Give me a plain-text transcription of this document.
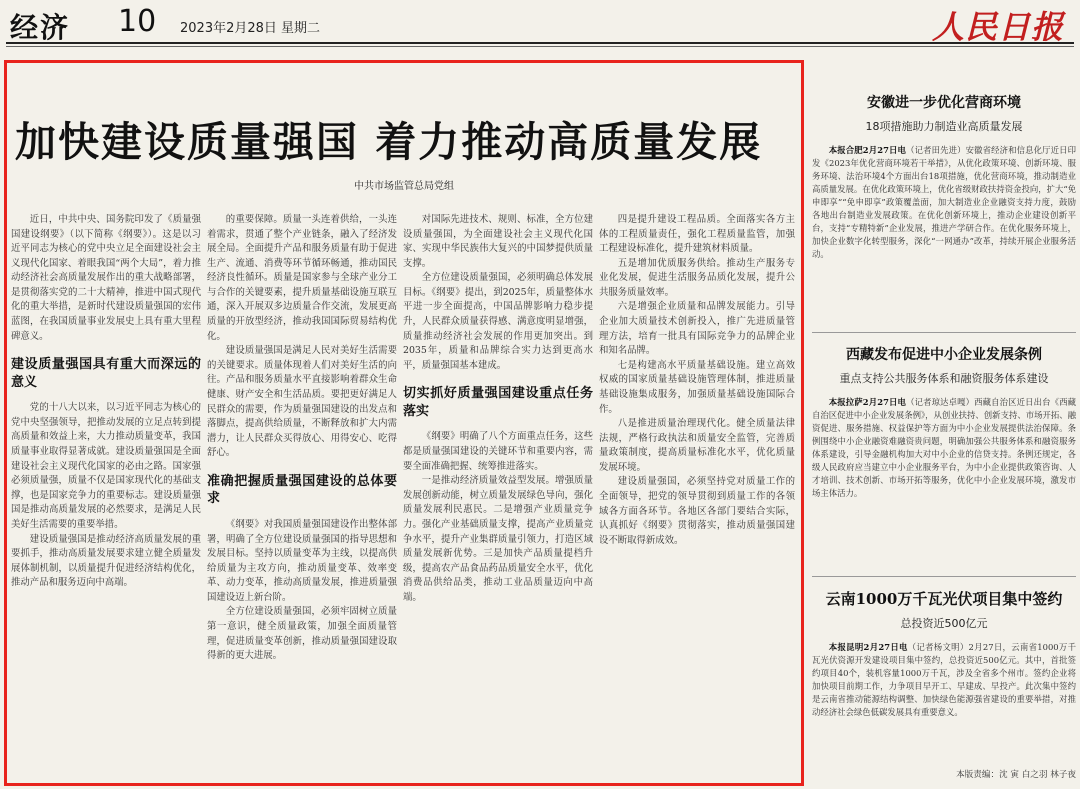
经济 10 2023年2月28日 星期二	人民日报
加快建设质量强国 着力推动高质量发展
中共市场监管总局党组

近日，中共中央、国务院印发了《质量强国建设纲要》（以下简称《纲要》）。这是以习近平同志为核心的党中央立足全面建设社会主义现代化国家、着眼我国“两个大局”，着力推动经济社会高质量发展作出的重大战略部署，是贯彻落实党的二十大精神，推进中国式现代化的重大举措，是新时代建设质量强国的宏伟蓝图，在我国质量事业发展史上具有重大里程碑意义。

建设质量强国具有重大而深远的意义

党的十八大以来，以习近平同志为核心的党中央坚强领导，把推动发展的立足点转到提高质量和效益上来，大力推动质量变革，我国质量事业取得显著成就。建设质量强国是全面建设社会主义现代化国家的必由之路。国家强必须质量强，质量不仅是国家现代化的基础支撑，也是国家竞争力的重要标志。建设质量强国是推动高质量发展的必然要求，是满足人民美好生活需要的重要举措。

建设质量强国是推动经济高质量发展的重要抓手，推动高质量发展要求建立健全质量发展体制机制，以质量提升促进经济结构优化，推动产品和服务迈向中高端。

的重要保障。质量一头连着供给，一头连着需求，贯通了整个产业链条，融入了经济发展全局。全面提升产品和服务质量有助于促进生产、流通、消费等环节循环畅通，推动国民经济良性循环。质量是国家参与全球产业分工与合作的关键要素，提升质量基础设施互联互通，深入开展双多边质量合作交流，发展更高质量的开放型经济，推动我国国际贸易结构优化。

建设质量强国是满足人民对美好生活需要的关键要求。质量体现着人们对美好生活的向往。产品和服务质量水平直接影响着群众生命健康、财产安全和生活品质。要把更好满足人民群众的需要，作为质量强国建设的出发点和落脚点，提高供给质量，不断释放和扩大内需潜力，让人民群众买得放心、用得安心、吃得舒心。

准确把握质量强国建设的总体要求

《纲要》对我国质量强国建设作出整体部署，明确了全方位建设质量强国的指导思想和发展目标。坚持以质量变革为主线，以提高供给质量为主攻方向，推动质量变革、效率变革、动力变革，推动高质量发展，推进质量强国建设迈上新台阶。

全方位建设质量强国，必须牢固树立质量第一意识，健全质量政策，加强全面质量管理，促进质量变革创新，推动质量强国建设取得新的更大进展。

对国际先进技术、规则、标准，全方位建设质量强国，为全面建设社会主义现代化国家、实现中华民族伟大复兴的中国梦提供质量支撑。

全方位建设质量强国，必须明确总体发展目标。《纲要》提出，到2025年，质量整体水平进一步全面提高，中国品牌影响力稳步提升，人民群众质量获得感、满意度明显增强，质量推动经济社会发展的作用更加突出。到2035年，质量和品牌综合实力达到更高水平，质量强国基本建成。

切实抓好质量强国建设重点任务落实

《纲要》明确了八个方面重点任务，这些都是质量强国建设的关键环节和重要内容，需要全面准确把握、统筹推进落实。

一是推动经济质量效益型发展。增强质量发展创新动能，树立质量发展绿色导向，强化质量发展利民惠民。二是增强产业质量竞争力。强化产业基础质量支撑，提高产业质量竞争水平，提升产业集群质量引领力，打造区域质量发展新优势。三是加快产品质量提档升级，提高农产品食品药品质量安全水平，优化消费品供给品类，推动工业品质量迈向中高端。

四是提升建设工程品质。全面落实各方主体的工程质量责任，强化工程质量监管，加强工程建设标准化，提升建筑材料质量。

五是增加优质服务供给。推动生产服务专业化发展，促进生活服务品质化发展，提升公共服务质量效率。

六是增强企业质量和品牌发展能力。引导企业加大质量技术创新投入，推广先进质量管理方法，培育一批具有国际竞争力的品牌企业和知名品牌。

七是构建高水平质量基础设施。建立高效权威的国家质量基础设施管理体制，推进质量基础设施集成服务，加强质量基础设施国际合作。

八是推进质量治理现代化。健全质量法律法规，严格行政执法和质量安全监管，完善质量政策制度，提高质量标准化水平，优化质量发展环境。

建设质量强国，必须坚持党对质量工作的全面领导，把党的领导贯彻到质量工作的各领域各方面各环节。各地区各部门要结合实际，认真抓好《纲要》贯彻落实，推动质量强国建设不断取得新成效。

安徽进一步优化营商环境
18项措施助力制造业高质量发展
本报合肥2月27日电（记者田先进）安徽省经济和信息化厅近日印发《2023年优化营商环境若干举措》，从优化政策环境、创新环境、服务环境、法治环境4个方面出台18项措施，优化营商环境，推动制造业高质量发展。在优化政策环境上，优化省级财政扶持资金投向，扩大“免申即享”“免申即享”政策覆盖面，加大制造业企业融资支持力度，鼓励各地出台制造业发展政策。在优化创新环境上，推动企业建设创新平台，支持“专精特新”企业发展，推进产学研合作。在优化服务环境上，加快企业数字化转型服务，深化“一网通办”改革，持续开展企业服务活动。
西藏发布促进中小企业发展条例
重点支持公共服务体系和融资服务体系建设
本报拉萨2月27日电（记者琼达卓嘎）西藏自治区近日出台《西藏自治区促进中小企业发展条例》，从创业扶持、创新支持、市场开拓、融资促进、服务措施、权益保护等方面为中小企业发展提供法治保障。条例围绕中小企业融资难融资贵问题，明确加强公共服务体系和融资服务体系建设，引导金融机构加大对中小企业的信贷支持。条例还规定，各级人民政府应当建立中小企业服务平台，为中小企业提供政策咨询、人才培训、技术创新、市场开拓等服务，优化中小企业发展环境，激发市场主体活力。
云南1000万千瓦光伏项目集中签约
总投资近500亿元
本报昆明2月27日电（记者杨文明）2月27日，云南省1000万千瓦光伏资源开发建设项目集中签约，总投资近500亿元。其中，首批签约项目40个，装机容量1000万千瓦，涉及全省多个州市。签约企业将加快项目前期工作，力争项目早开工、早建成、早投产。此次集中签约是云南省推动能源结构调整、加快绿色能源强省建设的重要举措，对推动经济社会绿色低碳发展具有重要意义。
本版责编：沈 寅 白之羽 林子夜
